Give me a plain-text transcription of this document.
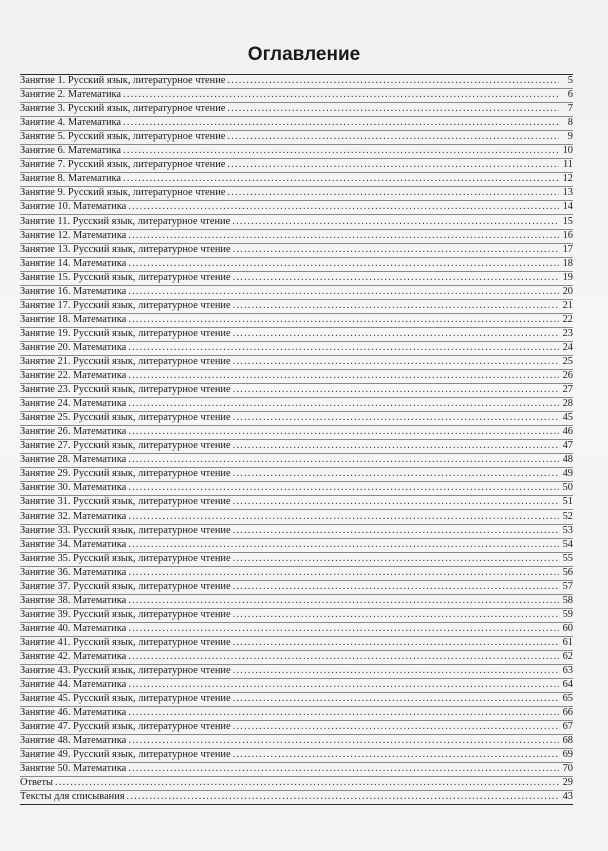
Оглавление
Занятие 1. Русский язык, литературное чтение .....	5
Занятие 2. Математика .....	6
Занятие 3. Русский язык, литературное чтение .....	7
Занятие 4. Математика .....	8
Занятие 5. Русский язык, литературное чтение .....	9
Занятие 6. Математика .....	10
Занятие 7. Русский язык, литературное чтение .....	11
Занятие 8. Математика .....	12
Занятие 9. Русский язык, литературное чтение .....	13
Занятие 10. Математика .....	14
Занятие 11. Русский язык, литературное чтение .....	15
Занятие 12. Математика .....	16
Занятие 13. Русский язык, литературное чтение .....	17
Занятие 14. Математика .....	18
Занятие 15. Русский язык, литературное чтение .....	19
Занятие 16. Математика .....	20
Занятие 17. Русский язык, литературное чтение .....	21
Занятие 18. Математика .....	22
Занятие 19. Русский язык, литературное чтение .....	23
Занятие 20. Математика .....	24
Занятие 21. Русский язык, литературное чтение .....	25
Занятие 22. Математика .....	26
Занятие 23. Русский язык, литературное чтение .....	27
Занятие 24. Математика .....	28
Занятие 25. Русский язык, литературное чтение .....	45
Занятие 26. Математика .....	46
Занятие 27. Русский язык, литературное чтение .....	47
Занятие 28. Математика .....	48
Занятие 29. Русский язык, литературное чтение .....	49
Занятие 30. Математика .....	50
Занятие 31. Русский язык, литературное чтение .....	51
Занятие 32. Математика .....	52
Занятие 33. Русский язык, литературное чтение .....	53
Занятие 34. Математика .....	54
Занятие 35. Русский язык, литературное чтение .....	55
Занятие 36. Математика .....	56
Занятие 37. Русский язык, литературное чтение .....	57
Занятие 38. Математика .....	58
Занятие 39. Русский язык, литературное чтение .....	59
Занятие 40. Математика .....	60
Занятие 41. Русский язык, литературное чтение .....	61
Занятие 42. Математика .....	62
Занятие 43. Русский язык, литературное чтение .....	63
Занятие 44. Математика .....	64
Занятие 45. Русский язык, литературное чтение .....	65
Занятие 46. Математика .....	66
Занятие 47. Русский язык, литературное чтение .....	67
Занятие 48. Математика .....	68
Занятие 49. Русский язык, литературное чтение .....	69
Занятие 50. Математика .....	70
Ответы .....	29
Тексты для списывания .....	43
